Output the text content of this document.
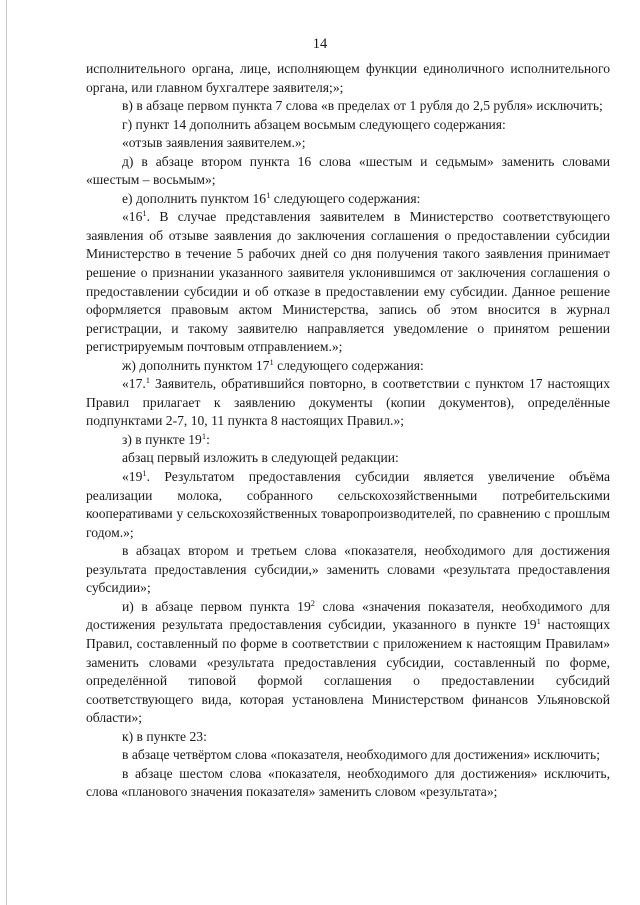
14

исполнительного органа, лице, исполняющем функции единоличного исполнительного органа, или главном бухгалтере заявителя;»;

в) в абзаце первом пункта 7 слова «в пределах от 1 рубля до 2,5 рубля» исключить;

г) пункт 14 дополнить абзацем восьмым следующего содержания:

«отзыв заявления заявителем.»;

д) в абзаце втором пункта 16 слова «шестым и седьмым» заменить словами «шестым – восьмым»;

е) дополнить пунктом $16^1$ следующего содержания:

«$16^1$. В случае представления заявителем в Министерство соответствующего заявления об отзыве заявления до заключения соглашения о предоставлении субсидии Министерство в течение 5 рабочих дней со дня получения такого заявления принимает решение о признании указанного заявителя уклонившимся от заключения соглашения о предоставлении субсидии и об отказе в предоставлении ему субсидии. Данное решение оформляется правовым актом Министерства, запись об этом вносится в журнал регистрации, и такому заявителю направляется уведомление о принятом решении регистрируемым почтовым отправлением.»;

ж) дополнить пунктом $17^1$ следующего содержания:

«17.$^1$ Заявитель, обратившийся повторно, в соответствии с пунктом 17 настоящих Правил прилагает к заявлению документы (копии документов), определённые подпунктами 2-7, 10, 11 пункта 8 настоящих Правил.»;

з) в пункте $19^1$:

абзац первый изложить в следующей редакции:

«$19^1$. Результатом предоставления субсидии является увеличение объёма реализации молока, собранного сельскохозяйственными потребительскими кооперативами у сельскохозяйственных товаропроизводителей, по сравнению с прошлым годом.»;

в абзацах втором и третьем слова «показателя, необходимого для достижения результата предоставления субсидии,» заменить словами «результата предоставления субсидии»;

и) в абзаце первом пункта $19^2$ слова «значения показателя, необходимого для достижения результата предоставления субсидии, указанного в пункте $19^1$ настоящих Правил, составленный по форме в соответствии с приложением к настоящим Правилам» заменить словами «результата предоставления субсидии, составленный по форме, определённой типовой формой соглашения о предоставлении субсидий соответствующего вида, которая установлена Министерством финансов Ульяновской области»;

к) в пункте 23:

в абзаце четвёртом слова «показателя, необходимого для достижения» исключить;

в абзаце шестом слова «показателя, необходимого для достижения» исключить, слова «планового значения показателя» заменить словом «результата»;
